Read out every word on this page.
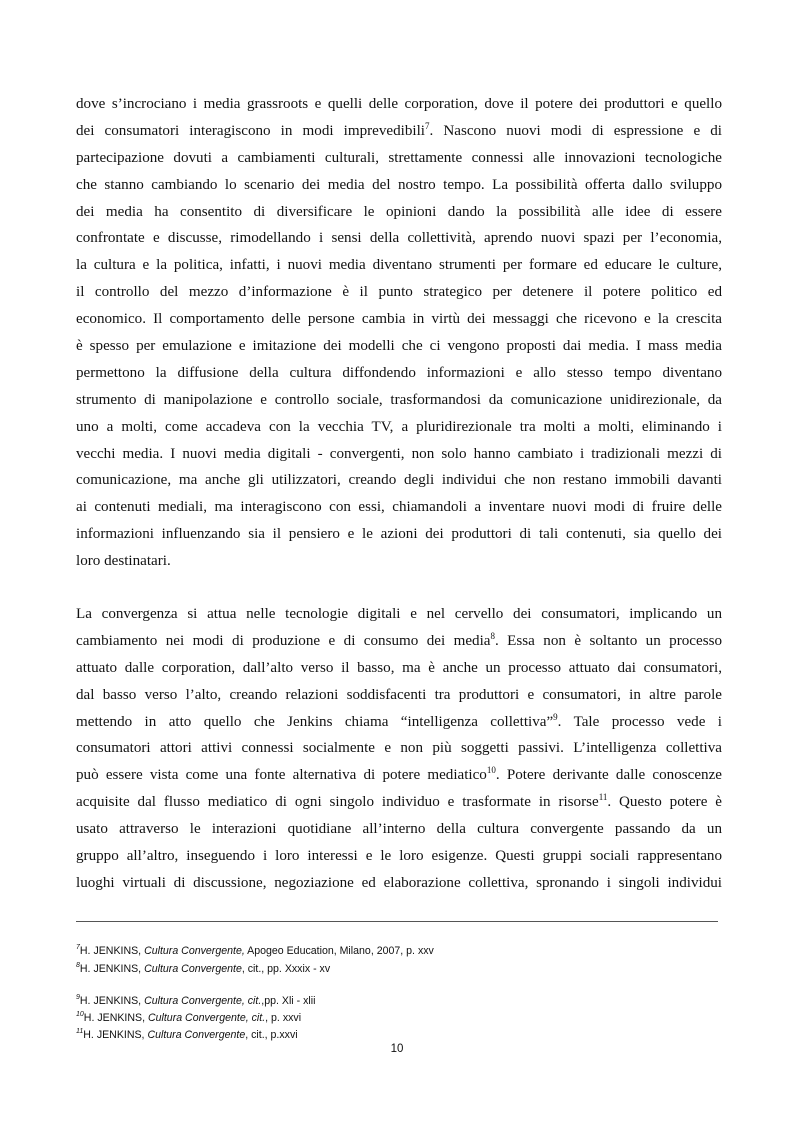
dove s’incrociano i media grassroots e quelli delle corporation, dove il potere dei produttori e quello
dei consumatori interagiscono in modi imprevedibili$^7$. Nascono nuovi modi di espressione e di
partecipazione dovuti a cambiamenti culturali, strettamente connessi alle innovazioni tecnologiche
che stanno cambiando lo scenario dei media del nostro tempo. La possibilità offerta dallo sviluppo
dei media ha consentito di diversificare le opinioni dando la possibilità alle idee di essere
confrontate e discusse, rimodellando i sensi della collettività, aprendo nuovi spazi per l’economia,
la cultura e la politica, infatti, i nuovi media diventano strumenti per formare ed educare le culture,
il controllo del mezzo d’informazione è il punto strategico per detenere il potere politico ed
economico. Il comportamento delle persone cambia in virtù dei messaggi che ricevono e la crescita
è spesso per emulazione e imitazione dei modelli che ci vengono proposti dai media. I mass media
permettono la diffusione della cultura diffondendo informazioni e allo stesso tempo diventano
strumento di manipolazione e controllo sociale, trasformandosi da comunicazione unidirezionale, da
uno a molti, come accadeva con la vecchia TV, a pluridirezionale tra molti a molti, eliminando i
vecchi media. I nuovi media digitali - convergenti, non solo hanno cambiato i tradizionali mezzi di
comunicazione, ma anche gli utilizzatori, creando degli individui che non restano immobili davanti
ai contenuti mediali, ma interagiscono con essi, chiamandoli a inventare nuovi modi di fruire delle
informazioni influenzando sia il pensiero e le azioni dei produttori di tali contenuti, sia quello dei
loro destinatari.
La convergenza si attua nelle tecnologie digitali e nel cervello dei consumatori, implicando un
cambiamento nei modi di produzione e di consumo dei media$^8$. Essa non è soltanto un processo
attuato dalle corporation, dall’alto verso il basso, ma è anche un processo attuato dai consumatori,
dal basso verso l’alto, creando relazioni soddisfacenti tra produttori e consumatori, in altre parole
mettendo in atto quello che Jenkins chiama “intelligenza collettiva”$^9$. Tale processo vede i
consumatori attori attivi connessi socialmente e non più soggetti passivi. L’intelligenza collettiva
può essere vista come una fonte alternativa di potere mediatico$^{10}$. Potere derivante dalle conoscenze
acquisite dal flusso mediatico di ogni singolo individuo e trasformate in risorse$^{11}$. Questo potere è
usato attraverso le interazioni quotidiane all’interno della cultura convergente passando da un
gruppo all’altro, inseguendo i loro interessi e le loro esigenze. Questi gruppi sociali rappresentano
luoghi virtuali di discussione, negoziazione ed elaborazione collettiva, spronando i singoli individui
$^7$H. JENKINS, Cultura Convergente, Apogeo Education, Milano, 2007, p. xxv
$^8$H. JENKINS, Cultura Convergente, cit., pp. Xxxix - xv
$^9$H. JENKINS, Cultura Convergente, cit.,pp. Xli - xlii
$^{10}$H. JENKINS, Cultura Convergente, cit., p. xxvi
$^{11}$H. JENKINS, Cultura Convergente, cit., p.xxvi
10
